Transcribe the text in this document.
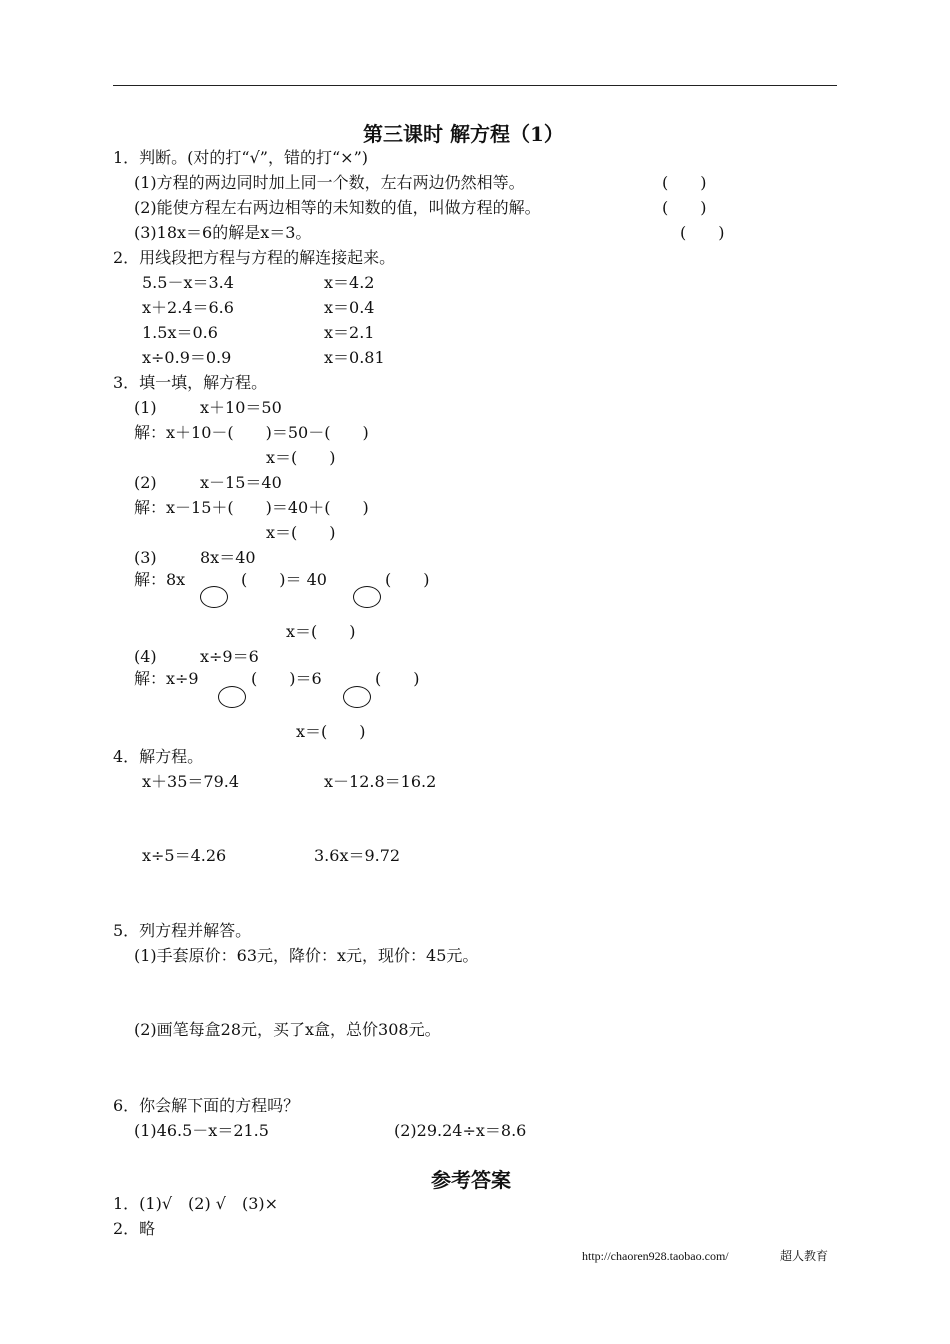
第三课时 解方程（1）
1．判断。(对的打“√”，错的打“×”)
(1)方程的两边同时加上同一个数，左右两边仍然相等。	(　　)
(2)能使方程左右两边相等的未知数的值，叫做方程的解。	(　　)
(3)18x＝6的解是x＝3。	(　　)
2．用线段把方程与方程的解连接起来。
5.5－x＝3.4	x＝4.2
x＋2.4＝6.6	x＝0.4
1.5x＝0.6	x＝2.1
x÷0.9＝0.9	x＝0.81
3．填一填，解方程。
(1)	x＋10＝50
解：x＋10－(　　)＝50－(　　)
x＝(　　)
(2)	x－15＝40
解：x－15＋(　　)＝40＋(　　)
x＝(　　)
(3)	8x＝40
解：8x	(　　)＝ 40	(　　)
x＝(　　)
(4)	x÷9＝6
解：x÷9	(　　)＝6	(　　)
x＝(　　)
4．解方程。
x＋35＝79.4	x－12.8＝16.2
x÷5＝4.26	3.6x＝9.72
5．列方程并解答。
(1)手套原价：63元，降价：x元，现价：45元。
(2)画笔每盒28元，买了x盒，总价308元。
6．你会解下面的方程吗？
(1)46.5－x＝21.5	(2)29.24÷x＝8.6
参考答案
1．(1)√　(2) √　(3)×
2．略
http://chaoren928.taobao.com/	超人教育
